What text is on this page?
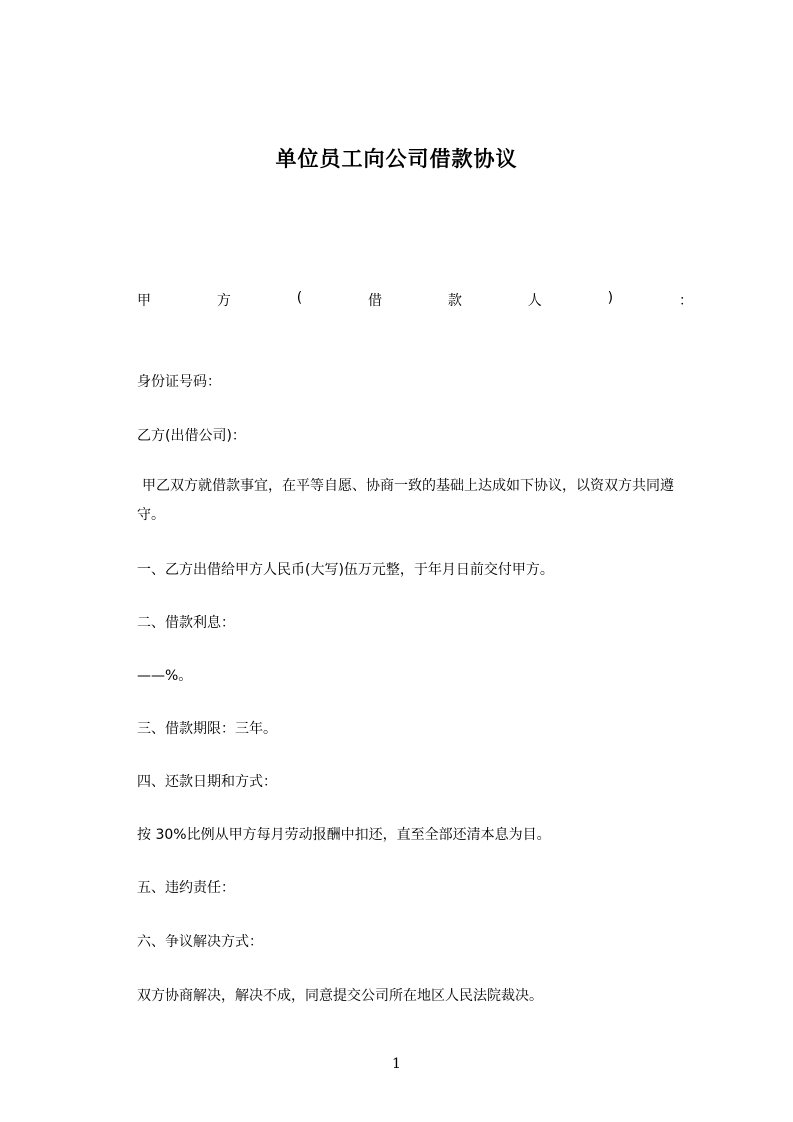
单位员工向公司借款协议
甲	方	(	借	款	人	)	：
身份证号码：
乙方(出借公司)：
甲乙双方就借款事宜，在平等自愿、协商一致的基础上达成如下协议，以资双方共同遵守。
一、乙方出借给甲方人民币(大写)伍万元整，于年月日前交付甲方。
二、借款利息：
——%。
三、借款期限：三年。
四、还款日期和方式：
按 30%比例从甲方每月劳动报酬中扣还，直至全部还清本息为目。
五、违约责任：
六、争议解决方式：
双方协商解决，解决不成，同意提交公司所在地区人民法院裁决。
1
